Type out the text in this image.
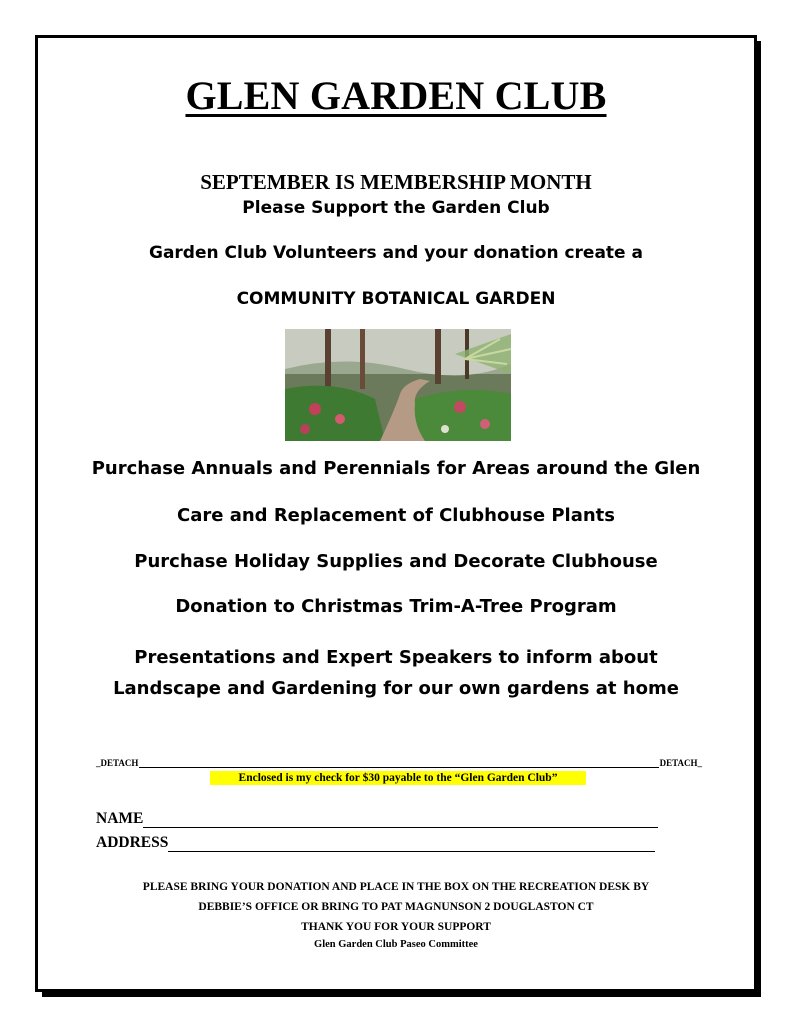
GLEN GARDEN CLUB
SEPTEMBER IS MEMBERSHIP MONTH
Please Support the Garden Club
Garden Club Volunteers and your donation create a
COMMUNITY BOTANICAL GARDEN
Purchase Annuals and Perennials for Areas around the Glen
Care and Replacement of Clubhouse Plants
Purchase Holiday Supplies and Decorate Clubhouse
Donation to Christmas Trim-A-Tree Program
Presentations and Expert Speakers to inform about Landscape and Gardening for our own gardens at home
_DETACH	DETACH_
Enclosed is my check for $30 payable to the “Glen Garden Club”
NAME
ADDRESS
PLEASE BRING YOUR DONATION AND PLACE IN THE BOX ON THE RECREATION DESK BY
DEBBIE’S OFFICE OR BRING TO PAT MAGNUNSON 2 DOUGLASTON CT
THANK YOU FOR YOUR SUPPORT
Glen Garden Club Paseo Committee
